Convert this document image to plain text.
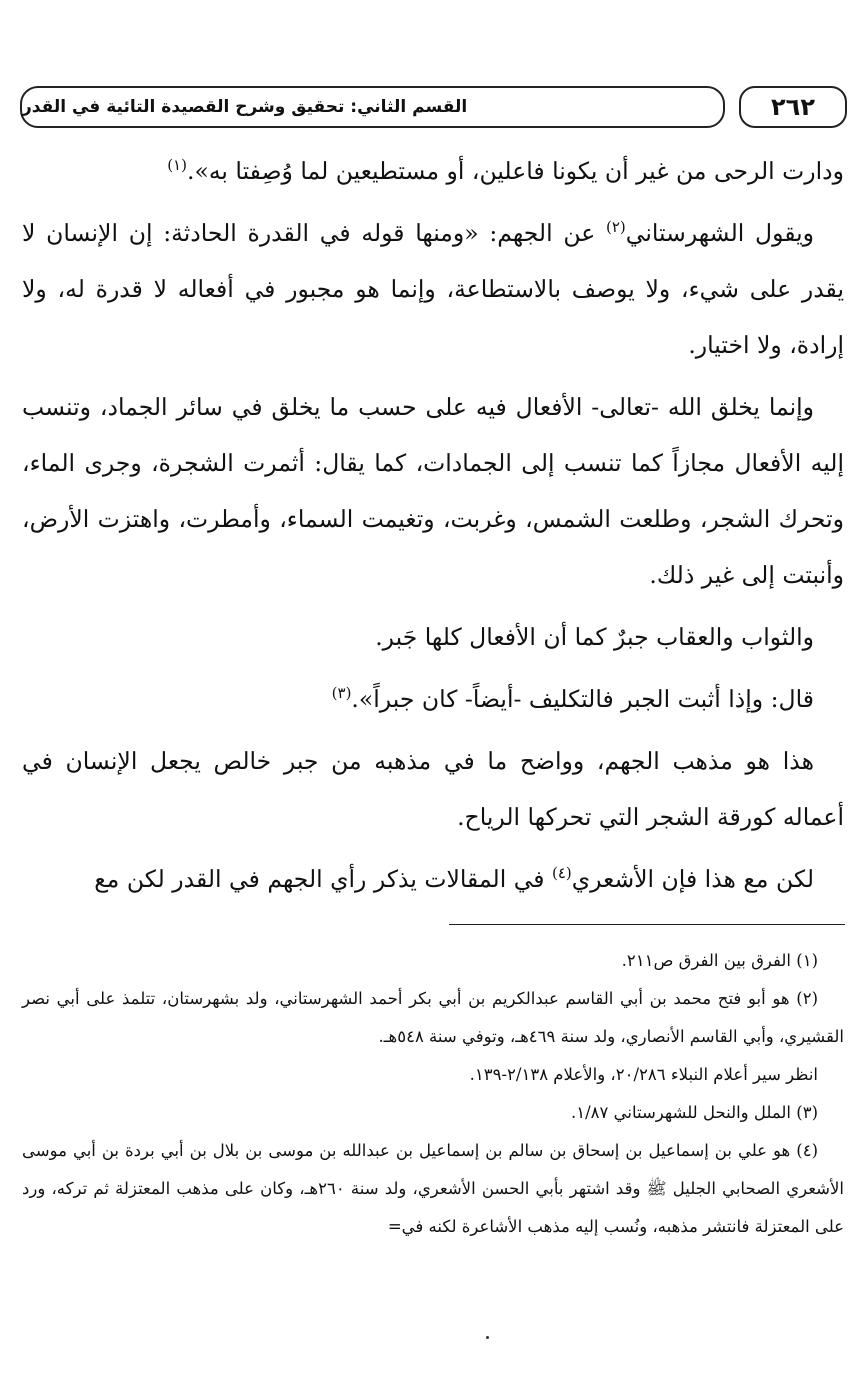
القسم الثاني: تحقيق وشرح القصيدة التائية في القدر	٢٦٢

ودارت الرحى من غير أن يكونا فاعلين، أو مستطيعين لما وُصِفتا به».$^{(١)}$

ويقول الشهرستاني$^{(٢)}$ عن الجهم: «ومنها قوله في القدرة الحادثة: إن الإنسان لا يقدر على شيء، ولا يوصف بالاستطاعة، وإنما هو مجبور في أفعاله لا قدرة له، ولا إرادة، ولا اختيار.

وإنما يخلق الله -تعالى- الأفعال فيه على حسب ما يخلق في سائر الجماد، وتنسب إليه الأفعال مجازاً كما تنسب إلى الجمادات، كما يقال: أثمرت الشجرة، وجرى الماء، وتحرك الشجر، وطلعت الشمس، وغربت، وتغيمت السماء، وأمطرت، واهتزت الأرض، وأنبتت إلى غير ذلك.

والثواب والعقاب جبرٌ كما أن الأفعال كلها جَبر.

قال: وإذا أثبت الجبر فالتكليف -أيضاً- كان جبراً».$^{(٣)}$

هذا هو مذهب الجهم، وواضح ما في مذهبه من جبر خالص يجعل الإنسان في أعماله كورقة الشجر التي تحركها الرياح.

لكن مع هذا فإن الأشعري$^{(٤)}$ في المقالات يذكر رأي الجهم في القدر لكن مع

(١) الفرق بين الفرق ص٢١١.

(٢) هو أبو فتح محمد بن أبي القاسم عبدالكريم بن أبي بكر أحمد الشهرستاني، ولد بشهرستان، تتلمذ على أبي نصر القشيري، وأبي القاسم الأنصاري، ولد سنة ٤٦٩هـ، وتوفي سنة ٥٤٨هـ.

انظر سير أعلام النبلاء ٢٠/٢٨٦، والأعلام ٢/١٣٨-١٣٩.

(٣) الملل والنحل للشهرستاني ١/٨٧.

(٤) هو علي بن إسماعيل بن إسحاق بن سالم بن إسماعيل بن عبدالله بن موسى بن بلال بن أبي بردة بن أبي موسى الأشعري الصحابي الجليل ﷺ وقد اشتهر بأبي الحسن الأشعري، ولد سنة ٢٦٠هـ، وكان على مذهب المعتزلة ثم تركه، ورد على المعتزلة فانتشر مذهبه، ونُسب إليه مذهب الأشاعرة لكنه في=
